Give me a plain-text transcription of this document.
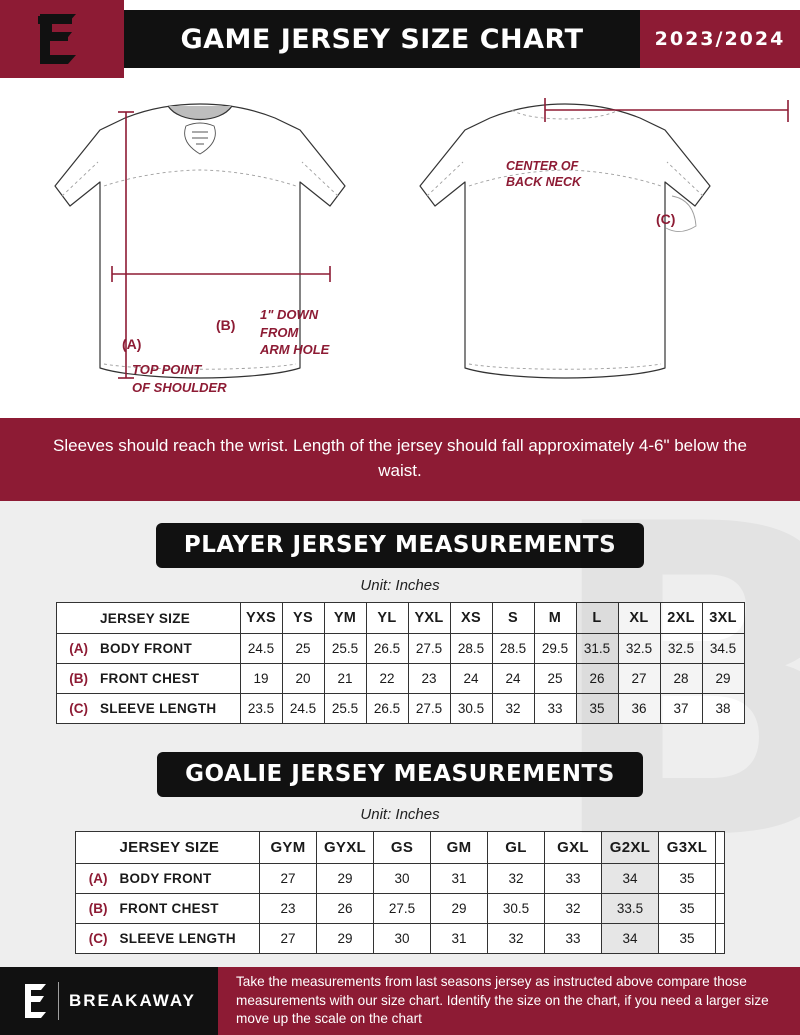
GAME JERSEY SIZE CHART	2023/2024
(A)
TOP POINT
OF SHOULDER
(B)
1" DOWN
FROM
ARM HOLE
(C)
CENTER OF
BACK NECK
Sleeves should reach the wrist. Length of the jersey should fall approximately 4-6" below the waist.
PLAYER JERSEY MEASUREMENTS
Unit: Inches
	JERSEY SIZE	YXS	YS	YM	YL	YXL	XS	S	M	L	XL	2XL	3XL
(A)	BODY FRONT	24.5	25	25.5	26.5	27.5	28.5	28.5	29.5	31.5	32.5	32.5	34.5
(B)	FRONT CHEST	19	20	21	22	23	24	24	25	26	27	28	29
(C)	SLEEVE LENGTH	23.5	24.5	25.5	26.5	27.5	30.5	32	33	35	36	37	38
GOALIE JERSEY MEASUREMENTS
Unit: Inches
	JERSEY SIZE	GYM	GYXL	GS	GM	GL	GXL	G2XL	G3XL	
(A)	BODY FRONT	27	29	30	31	32	33	34	35	
(B)	FRONT CHEST	23	26	27.5	29	30.5	32	33.5	35	
(C)	SLEEVE LENGTH	27	29	30	31	32	33	34	35	
BREAKAWAY
Take the measurements from last seasons jersey as instructed above compare those measurements with our size chart. Identify the size on the chart, if you need a larger size move up the scale on the chart
